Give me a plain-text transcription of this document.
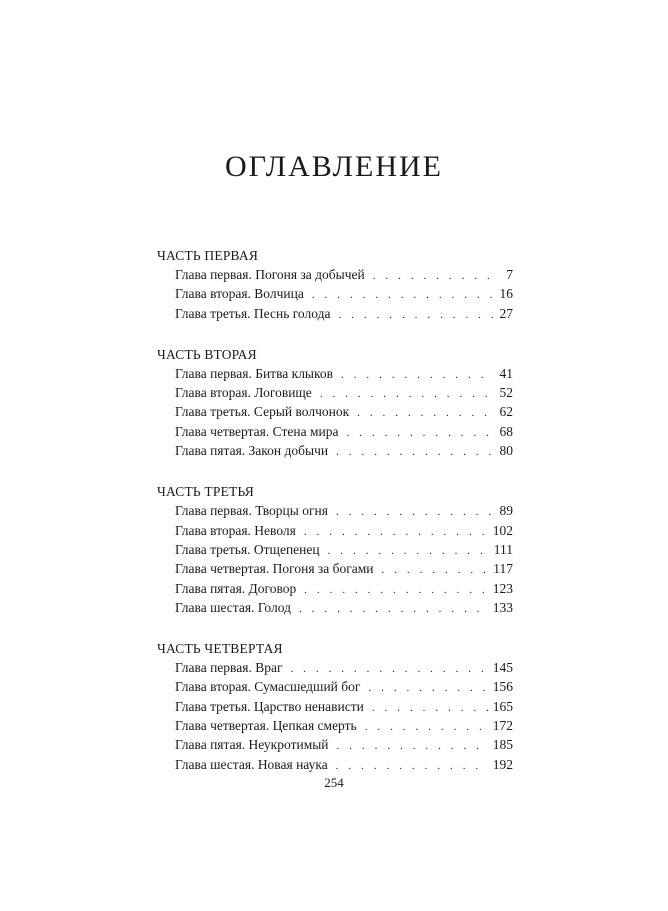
ОГЛАВЛЕНИЕ
ЧАСТЬ ПЕРВАЯ
Глава первая. Погоня за добычей . . .	7
Глава вторая. Волчица . . .	16
Глава третья. Песнь голода . . .	27
ЧАСТЬ ВТОРАЯ
Глава первая. Битва клыков . . .	41
Глава вторая. Логовище . . .	52
Глава третья. Серый волчонок . . .	62
Глава четвертая. Стена мира . . .	68
Глава пятая. Закон добычи . . .	80
ЧАСТЬ ТРЕТЬЯ
Глава первая. Творцы огня . . .	89
Глава вторая. Неволя . . .	102
Глава третья. Отщепенец . . .	111
Глава четвертая. Погоня за богами . . .	117
Глава пятая. Договор . . .	123
Глава шестая. Голод . . .	133
ЧАСТЬ ЧЕТВЕРТАЯ
Глава первая. Враг . . .	145
Глава вторая. Сумасшедший бог . . .	156
Глава третья. Царство ненависти . . .	165
Глава четвертая. Цепкая смерть . . .	172
Глава пятая. Неукротимый . . .	185
Глава шестая. Новая наука . . .	192
254
